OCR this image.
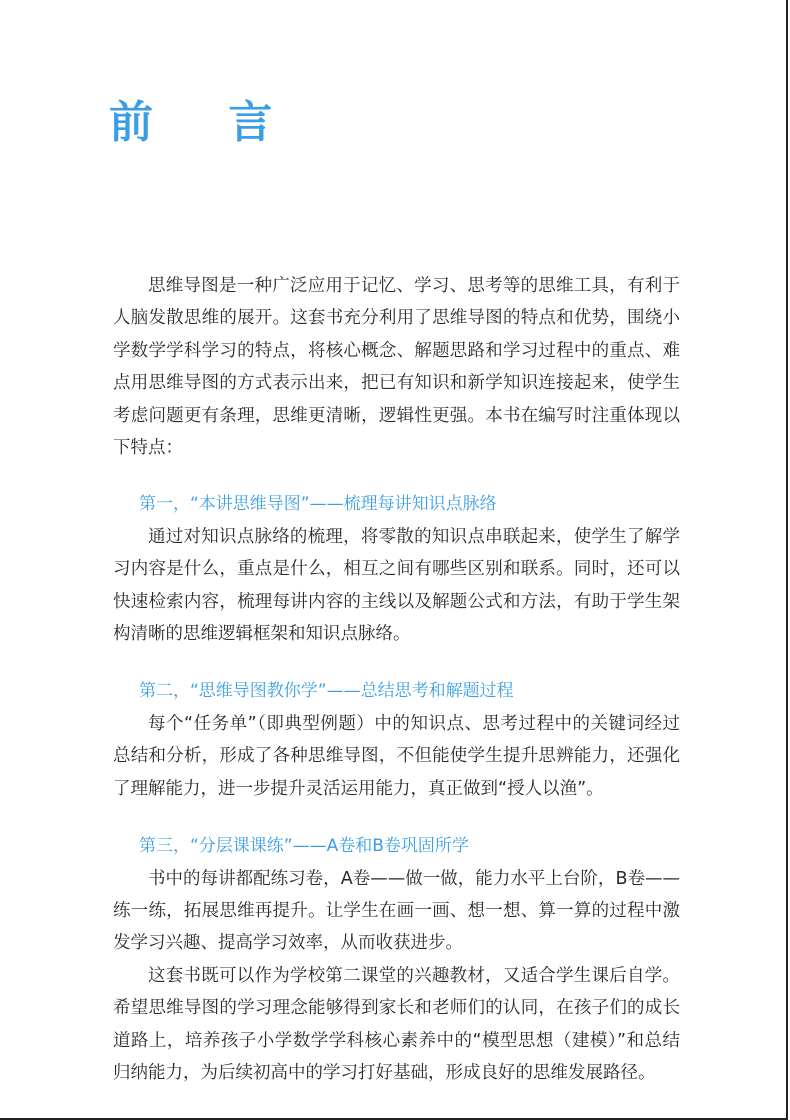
前 言

思维导图是一种广泛应用于记忆、学习、思考等的思维工具，有利于人脑发散思维的展开。这套书充分利用了思维导图的特点和优势，围绕小学数学学科学习的特点，将核心概念、解题思路和学习过程中的重点、难点用思维导图的方式表示出来，把已有知识和新学知识连接起来，使学生考虑问题更有条理，思维更清晰，逻辑性更强。本书在编写时注重体现以下特点：

第一，“本讲思维导图”——梳理每讲知识点脉络

通过对知识点脉络的梳理，将零散的知识点串联起来，使学生了解学习内容是什么，重点是什么，相互之间有哪些区别和联系。同时，还可以快速检索内容，梳理每讲内容的主线以及解题公式和方法，有助于学生架构清晰的思维逻辑框架和知识点脉络。

第二，“思维导图教你学”——总结思考和解题过程

每个“任务单”（即典型例题）中的知识点、思考过程中的关键词经过总结和分析，形成了各种思维导图，不但能使学生提升思辨能力，还强化了理解能力，进一步提升灵活运用能力，真正做到“授人以渔”。

第三，“分层课课练”——A卷和B卷巩固所学

书中的每讲都配练习卷，A卷——做一做，能力水平上台阶，B卷——练一练，拓展思维再提升。让学生在画一画、想一想、算一算的过程中激发学习兴趣、提高学习效率，从而收获进步。

这套书既可以作为学校第二课堂的兴趣教材，又适合学生课后自学。希望思维导图的学习理念能够得到家长和老师们的认同，在孩子们的成长道路上，培养孩子小学数学学科核心素养中的“模型思想（建模）”和总结归纳能力，为后续初高中的学习打好基础，形成良好的思维发展路径。
